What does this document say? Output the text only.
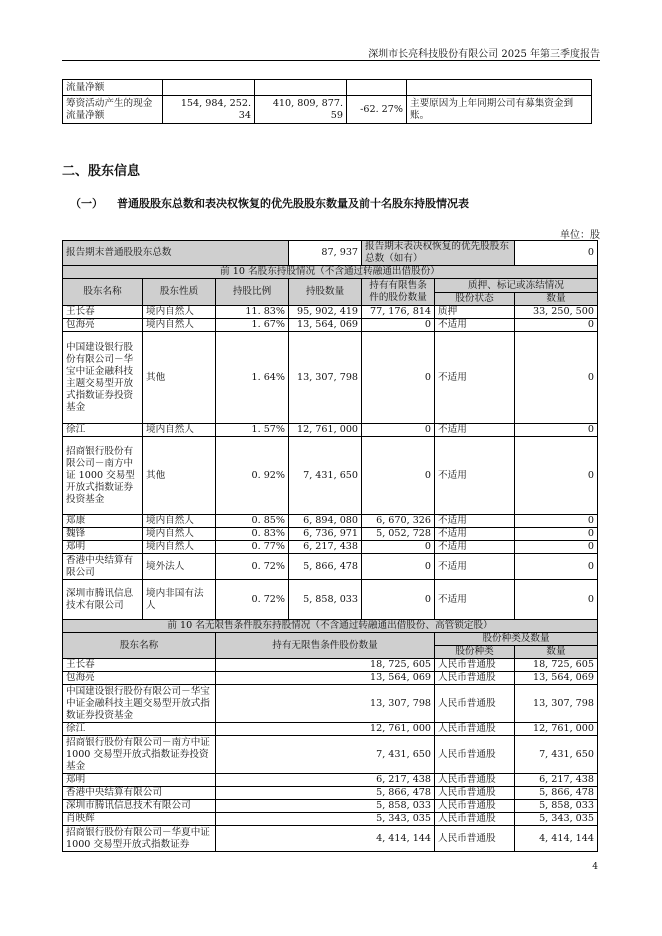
深圳市长亮科技股份有限公司 2025 年第三季度报告
流量净额				
筹资活动产生的现金流量净额	154, 984, 252. 34	410, 809, 877. 59	-62. 27%	主要原因为上年同期公司有募集资金到账。
二、股东信息
（一） 普通股股东总数和表决权恢复的优先股股东数量及前十名股东持股情况表
单位：股
报告期末普通股股东总数			87, 937	报告期末表决权恢复的优先股股东总数（如有）		0
前 10 名股东持股情况（不含通过转融通出借股份）						
股东名称	股东性质	持股比例	持股数量	持有有限售条件的股份数量	质押、标记或冻结情况	
					股份状态	数量
王长春	境内自然人	11. 83%	95, 902, 419	77, 176, 814	质押	33, 250, 500
包海亮	境内自然人	1. 67%	13, 564, 069	0	不适用	0
中国建设银行股份有限公司－华宝中证金融科技主题交易型开放式指数证券投资基金	其他	1. 64%	13, 307, 798	0	不适用	0
徐江	境内自然人	1. 57%	12, 761, 000	0	不适用	0
招商银行股份有限公司－南方中证 1000 交易型开放式指数证券投资基金	其他	0. 92%	7, 431, 650	0	不适用	0
郑康	境内自然人	0. 85%	6, 894, 080	6, 670, 326	不适用	0
魏锋	境内自然人	0. 83%	6, 736, 971	5, 052, 728	不适用	0
郑明	境内自然人	0. 77%	6, 217, 438	0	不适用	0
香港中央结算有限公司	境外法人	0. 72%	5, 866, 478	0	不适用	0
深圳市腾讯信息技术有限公司	境内非国有法人	0. 72%	5, 858, 033	0	不适用	0
前 10 名无限售条件股东持股情况（不含通过转融通出借股份、高管锁定股）						
股东名称		持有无限售条件股份数量			股份种类及数量	
					股份种类	数量
王长春		18, 725, 605			人民币普通股	18, 725, 605
包海亮		13, 564, 069			人民币普通股	13, 564, 069
中国建设银行股份有限公司－华宝中证金融科技主题交易型开放式指数证券投资基金		13, 307, 798			人民币普通股	13, 307, 798
徐江		12, 761, 000			人民币普通股	12, 761, 000
招商银行股份有限公司－南方中证 1000 交易型开放式指数证券投资基金		7, 431, 650			人民币普通股	7, 431, 650
郑明		6, 217, 438			人民币普通股	6, 217, 438
香港中央结算有限公司		5, 866, 478			人民币普通股	5, 866, 478
深圳市腾讯信息技术有限公司		5, 858, 033			人民币普通股	5, 858, 033
肖映辉		5, 343, 035			人民币普通股	5, 343, 035
招商银行股份有限公司－华夏中证 1000 交易型开放式指数证券		4, 414, 144			人民币普通股	4, 414, 144
4
